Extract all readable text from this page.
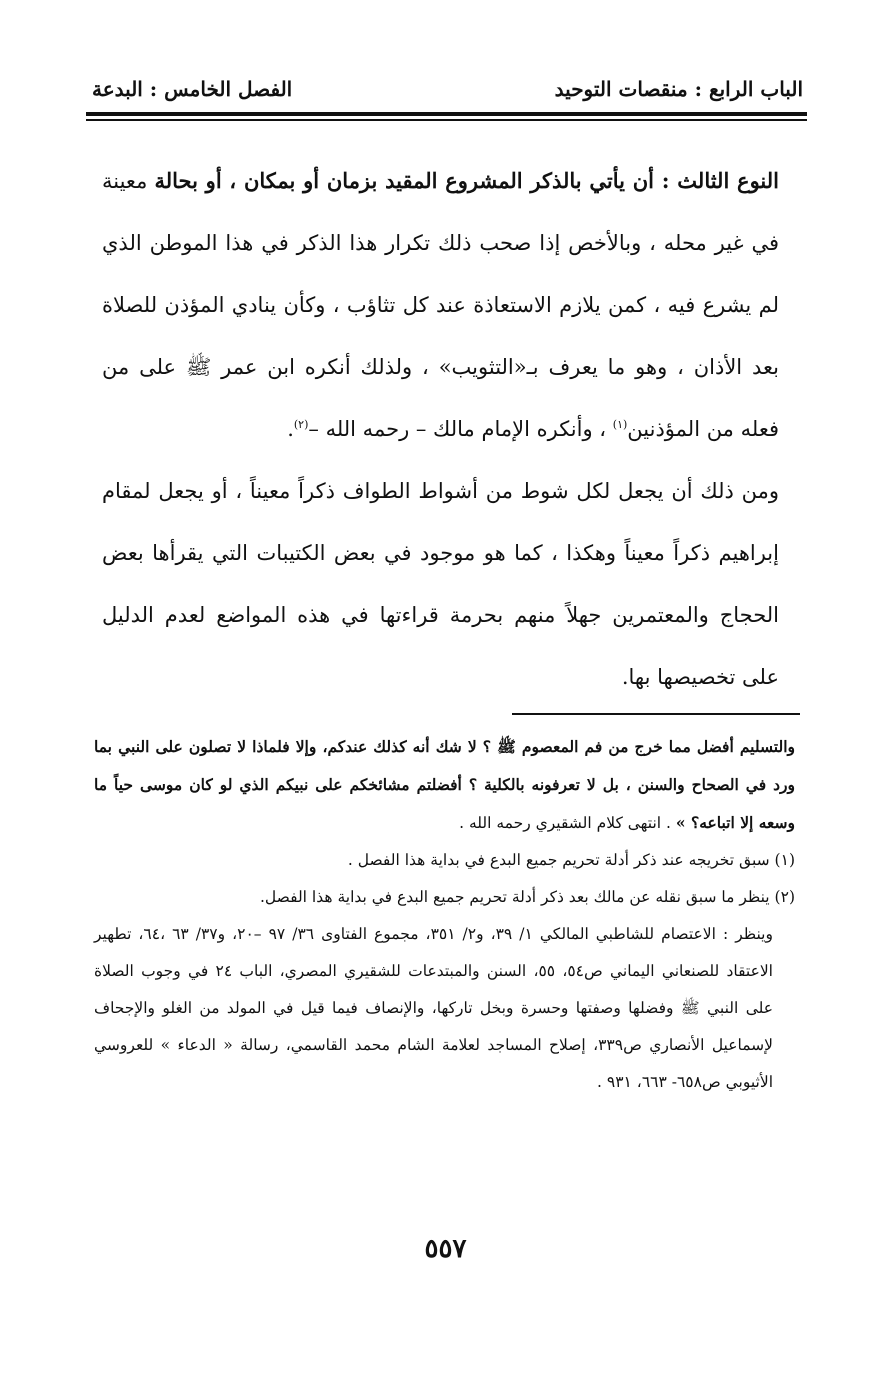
الباب الرابع : منقصات التوحيد
الفصل الخامس : البدعة

النوع الثالث : أن يأتي بالذكر المشروع المقيد بزمان أو بمكان ، أو بحالة معينة في غير محله ، وبالأخص إذا صحب ذلك تكرار هذا الذكر في هذا الموطن الذي لم يشرع فيه ، كمن يلازم الاستعاذة عند كل تثاؤب ، وكأن ينادي المؤذن للصلاة بعد الأذان ، وهو ما يعرف بـ«التثويب» ، ولذلك أنكره ابن عمر ﷺ على من فعله من المؤذنين$^{(١)}$ ، وأنكره الإمام مالك – رحمه الله –$^{(٢)}$.

ومن ذلك أن يجعل لكل شوط من أشواط الطواف ذكراً معيناً ، أو يجعل لمقام إبراهيم ذكراً معيناً وهكذا ، كما هو موجود في بعض الكتيبات التي يقرأها بعض الحجاج والمعتمرين جهلاً منهم بحرمة قراءتها في هذه المواضع لعدم الدليل على تخصيصها بها.

والتسليم أفضل مما خرج من فم المعصوم ﷺ ؟ لا شك أنه كذلك عندكم، وإلا فلماذا لا تصلون على النبي بما ورد في الصحاح والسنن ، بل لا تعرفونه بالكلية ؟ أفضلتم مشائخكم على نبيكم الذي لو كان موسى حياً ما وسعه إلا اتباعه؟ » . انتهى كلام الشقيري رحمه الله .

(١) سبق تخريجه عند ذكر أدلة تحريم جميع البدع في بداية هذا الفصل .

(٢) ينظر ما سبق نقله عن مالك بعد ذكر أدلة تحريم جميع البدع في بداية هذا الفصل.

وينظر : الاعتصام للشاطبي المالكي ١/ ٣٩، و٢/ ٣٥١، مجموع الفتاوى ٣٦/ ٩٧ –٢٠، و٣٧/ ٦٣ ،٦٤، تطهير الاعتقاد للصنعاني اليماني ص٥٤، ٥٥، السنن والمبتدعات للشقيري المصري، الباب ٢٤ في وجوب الصلاة على النبي ﷺ وفضلها وصفتها وحسرة وبخل تاركها، والإنصاف فيما قيل في المولد من الغلو والإجحاف لإسماعيل الأنصاري ص٣٣٩، إصلاح المساجد لعلامة الشام محمد القاسمي، رسالة « الدعاء » للعروسي الأثيوبي ص٦٥٨- ٦٦٣، ٩٣١ .

٥٥٧
